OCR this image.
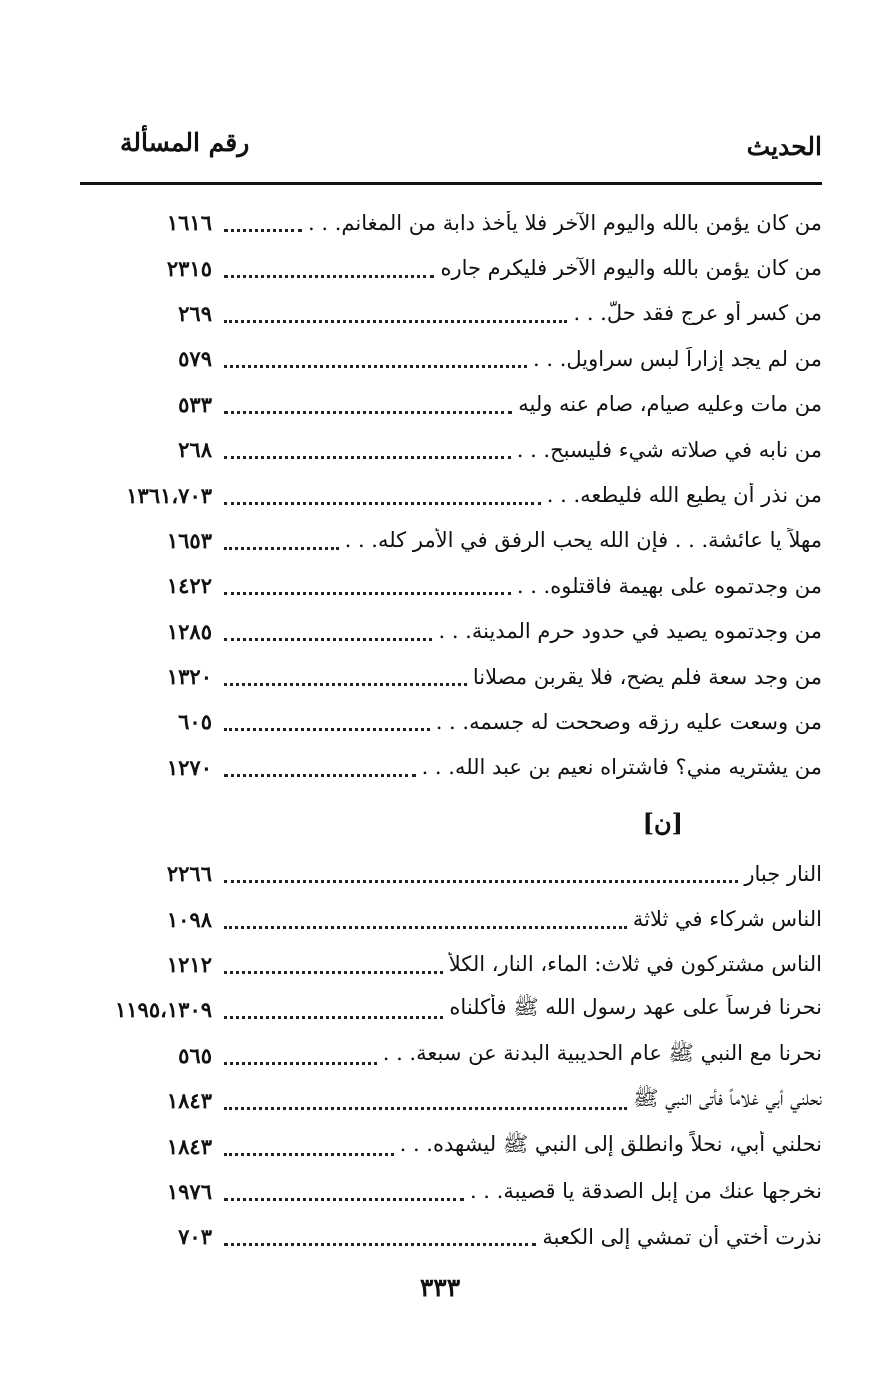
الحديث
رقم المسألة
من كان يؤمن بالله واليوم الآخر فلا يأخذ دابة من المغانم. . .
١٦١٦
من كان يؤمن بالله واليوم الآخر فليكرم جاره
٢٣١٥
من كسر أو عرج فقد حلّ. . .
٢٦٩
من لم يجد إزاراً لبس سراويل. . .
٥٧٩
من مات وعليه صيام، صام عنه وليه
٥٣٣
من نابه في صلاته شيء فليسبح. . .
٢٦٨
من نذر أن يطيع الله فليطعه. . .
١٣٦١،٧٠٣
مهلاً يا عائشة. . . فإن الله يحب الرفق في الأمر كله. . .
١٦٥٣
من وجدتموه على بهيمة فاقتلوه. . .
١٤٢٢
من وجدتموه يصيد في حدود حرم المدينة. . .
١٢٨٥
من وجد سعة فلم يضح، فلا يقربن مصلانا
١٣٢٠
من وسعت عليه رزقه وصححت له جسمه. . .
٦٠٥
من يشتريه مني؟ فاشتراه نعيم بن عبد الله. . .
١٢٧٠
[ن]
النار جبار
٢٢٦٦
الناس شركاء في ثلاثة
١٠٩٨
الناس مشتركون في ثلاث: الماء، النار، الكلأ
١٢١٢
نحرنا فرساً على عهد رسول الله ﷺ فأكلناه
١١٩٥،١٣٠٩
نحرنا مع النبي ﷺ عام الحديبية البدنة عن سبعة. . .
٥٦٥
نحلني أبي غلاماً فأتى النبي ﷺ
١٨٤٣
نحلني أبي، نحلاً وانطلق إلى النبي ﷺ ليشهده. . .
١٨٤٣
نخرجها عنك من إبل الصدقة يا قصيبة. . .
١٩٧٦
نذرت أختي أن تمشي إلى الكعبة
٧٠٣
٣٣٣
